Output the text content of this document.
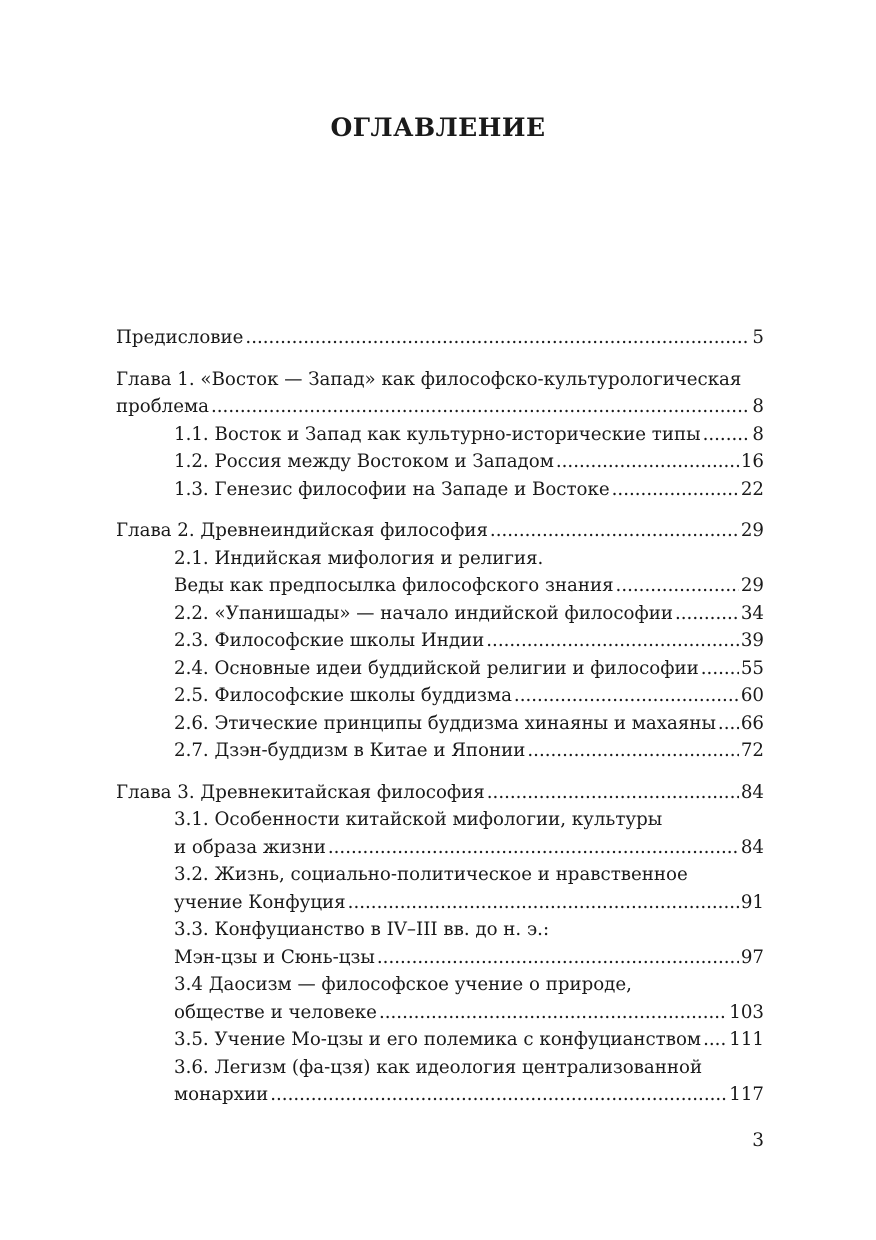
ОГЛАВЛЕНИЕ
Предисловие .....	5
Глава 1. «Восток — Запад» как философско-культурологическая
проблема .....	8
1.1. Восток и Запад как культурно-исторические типы .....	8
1.2. Россия между Востоком и Западом .....	16
1.3. Генезис философии на Западе и Востоке .....	22
Глава 2. Древнеиндийская философия .....	29
2.1. Индийская мифология и религия.
Веды как предпосылка философского знания .....	29
2.2. «Упанишады» — начало индийской философии .....	34
2.3. Философские школы Индии .....	39
2.4. Основные идеи буддийской религии и философии ..... 55
2.5. Философские школы буддизма .....	60
2.6. Этические принципы буддизма хинаяны и махаяны ..... 66
2.7. Дзэн-буддизм в Китае и Японии .....	72
Глава 3. Древнекитайская философия .....	84
3.1. Особенности китайской мифологии, культуры
и образа жизни .....	84
3.2. Жизнь, социально-политическое и нравственное
учение Конфуция .....	91
3.3. Конфуцианство в IV–III вв. до н. э.:
Мэн-цзы и Сюнь-цзы .....	97
3.4 Даосизм — философское учение о природе,
обществе и человеке .....	103
3.5. Учение Мо-цзы и его полемика с конфуцианством ..... 111
3.6. Легизм (фа-цзя) как идеология централизованной
монархии .....	117
3
